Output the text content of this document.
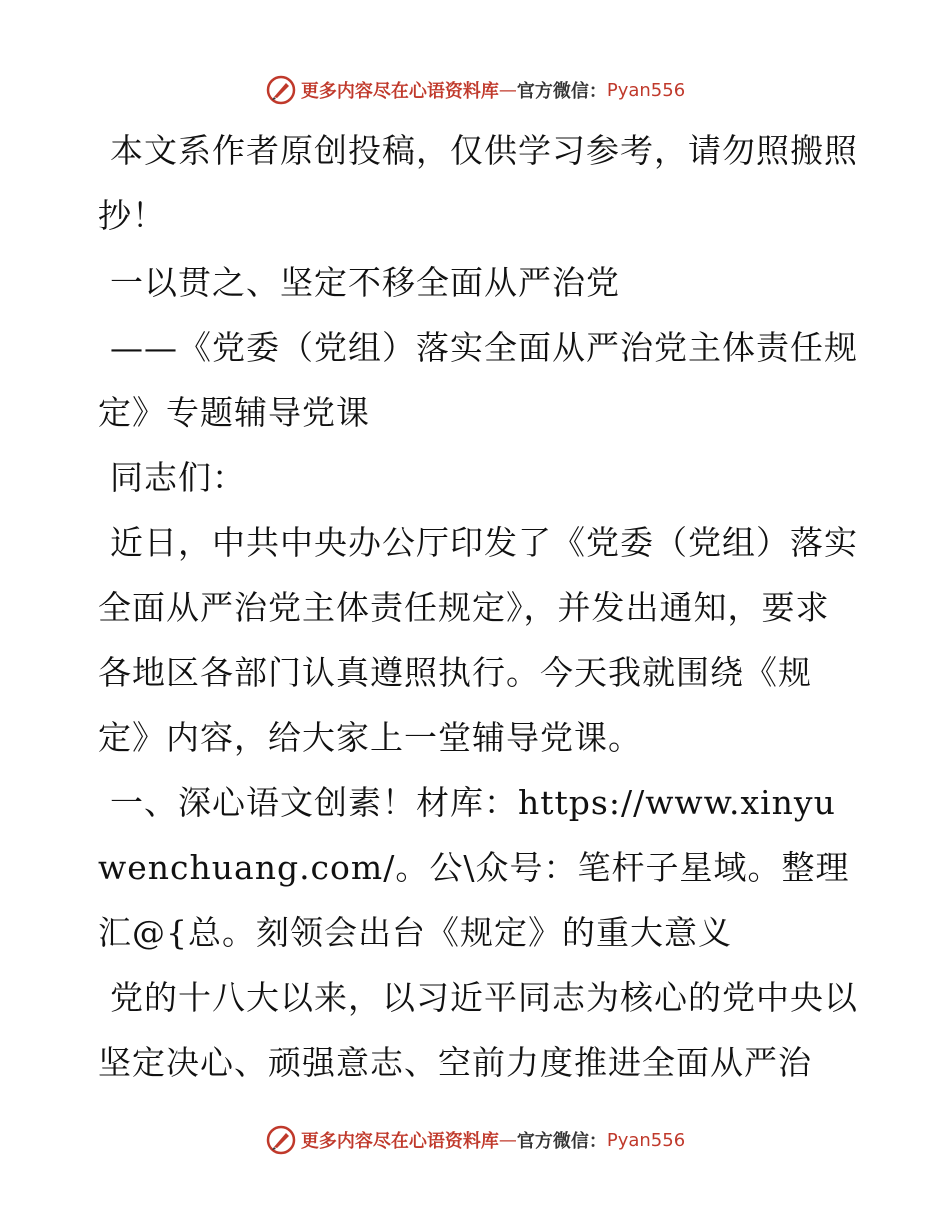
更多内容尽在心语资料库 — 官方微信： Pyan556

本文系作者原创投稿，仅供学习参考，请勿照搬照抄！

一以贯之、坚定不移全面从严治党

——《党委（党组）落实全面从严治党主体责任规定》专题辅导党课

同志们：

近日，中共中央办公厅印发了《党委（党组）落实全面从严治党主体责任规定》，并发出通知，要求各地区各部门认真遵照执行。今天我就围绕《规定》内容，给大家上一堂辅导党课。

一、深心语文创素！材库：https://www.xinyuwenchuang.com/。公\众号：笔杆子星域。整理汇@{总。刻领会出台《规定》的重大意义

党的十八大以来，以习近平同志为核心的党中央以坚定决心、顽强意志、空前力度推进全面从严治

更多内容尽在心语资料库 — 官方微信： Pyan556
